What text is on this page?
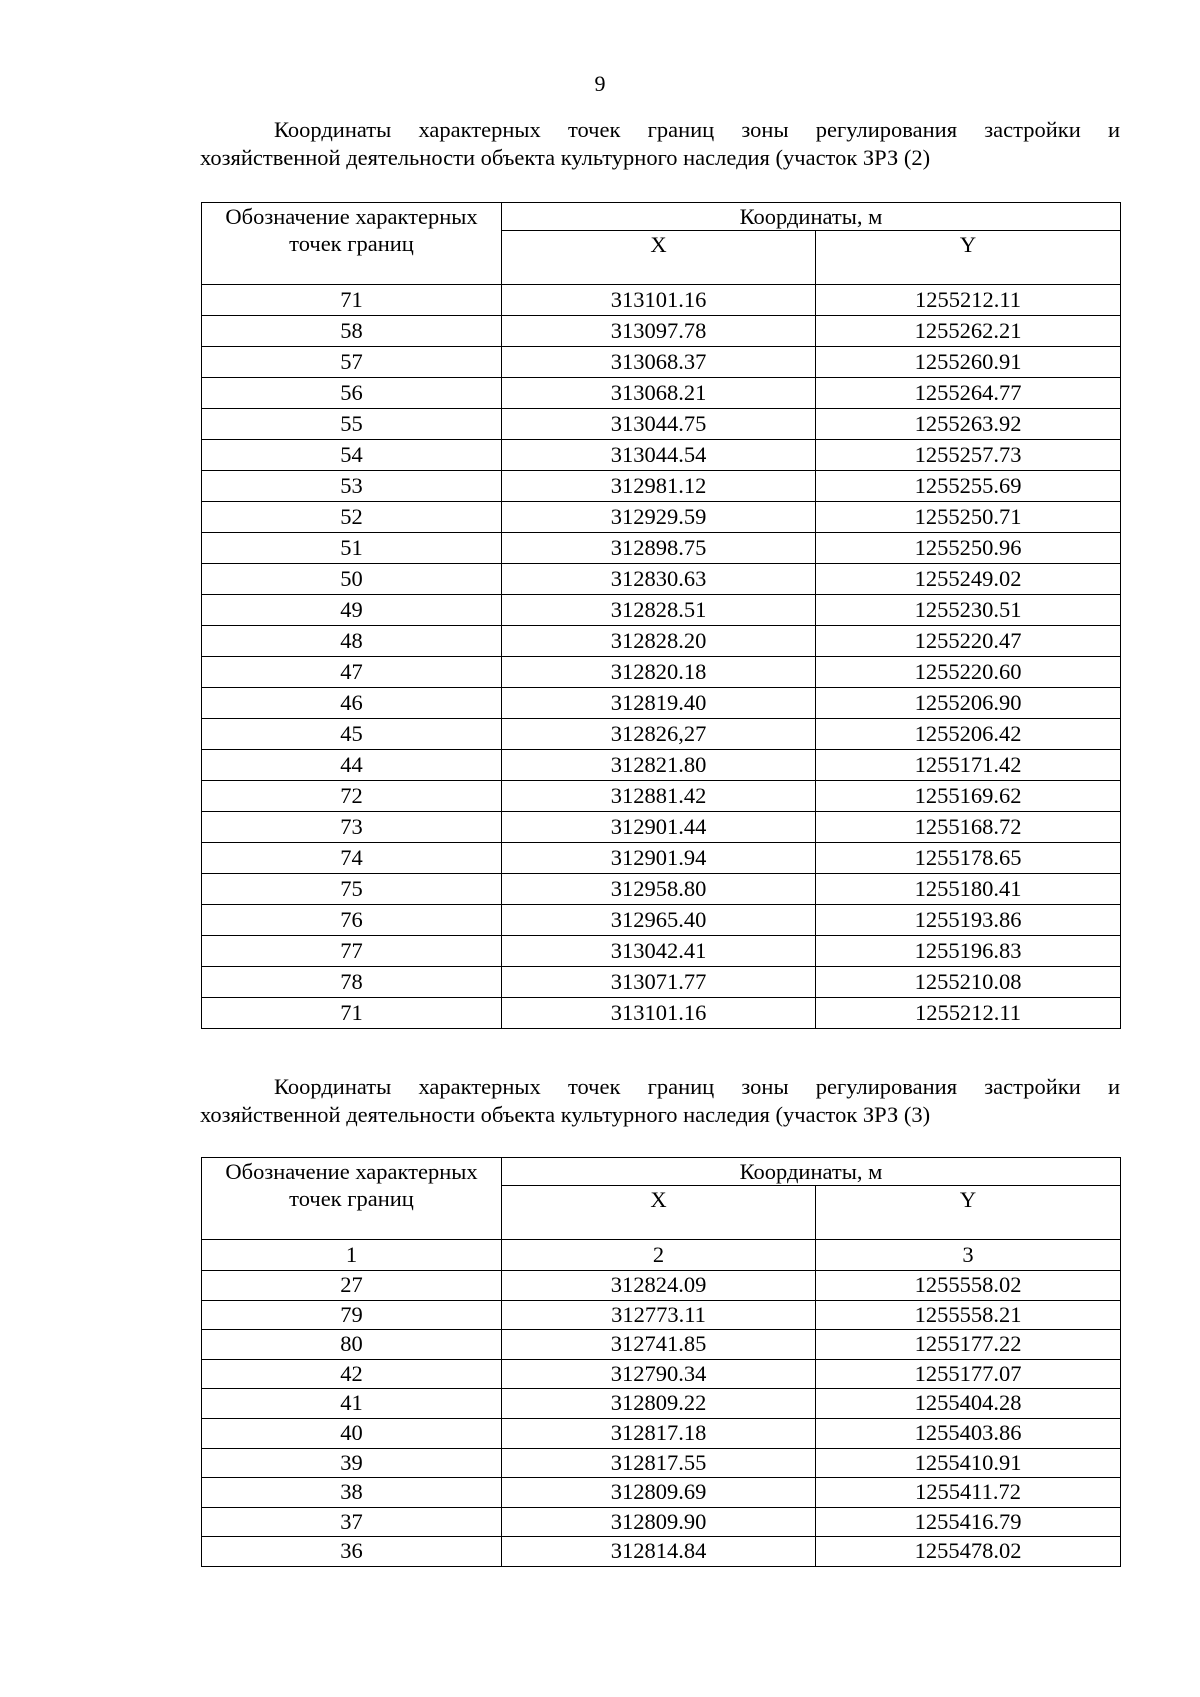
9
Координаты характерных точек границ зоны регулирования застройки и
хозяйственной деятельности объекта культурного наследия (участок ЗРЗ (2)
Обозначение характерных точек границ	Координаты, м	
	X	Y
71	313101.16	1255212.11
58	313097.78	1255262.21
57	313068.37	1255260.91
56	313068.21	1255264.77
55	313044.75	1255263.92
54	313044.54	1255257.73
53	312981.12	1255255.69
52	312929.59	1255250.71
51	312898.75	1255250.96
50	312830.63	1255249.02
49	312828.51	1255230.51
48	312828.20	1255220.47
47	312820.18	1255220.60
46	312819.40	1255206.90
45	312826,27	1255206.42
44	312821.80	1255171.42
72	312881.42	1255169.62
73	312901.44	1255168.72
74	312901.94	1255178.65
75	312958.80	1255180.41
76	312965.40	1255193.86
77	313042.41	1255196.83
78	313071.77	1255210.08
71	313101.16	1255212.11
Координаты характерных точек границ зоны регулирования застройки и
хозяйственной деятельности объекта культурного наследия (участок ЗРЗ (3)
Обозначение характерных точек границ	Координаты, м	
	X	Y
1	2	3
27	312824.09	1255558.02
79	312773.11	1255558.21
80	312741.85	1255177.22
42	312790.34	1255177.07
41	312809.22	1255404.28
40	312817.18	1255403.86
39	312817.55	1255410.91
38	312809.69	1255411.72
37	312809.90	1255416.79
36	312814.84	1255478.02
